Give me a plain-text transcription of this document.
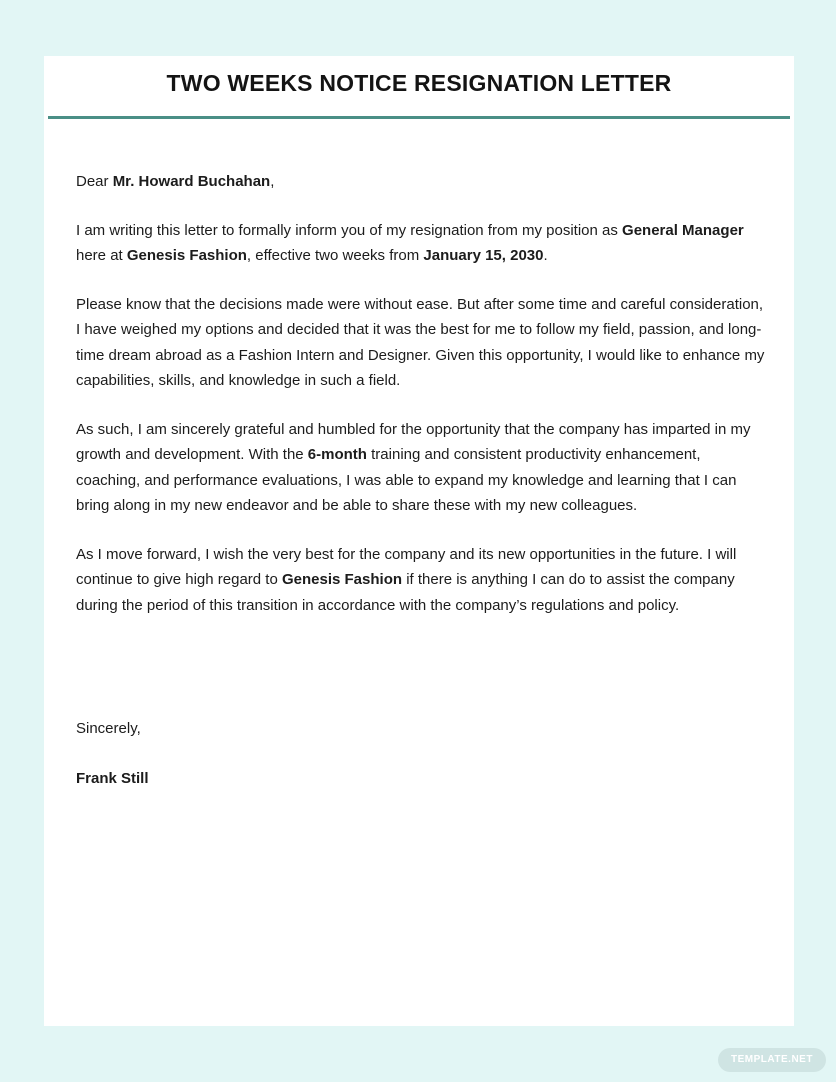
TWO WEEKS NOTICE RESIGNATION LETTER

Dear Mr. Howard Buchahan,

I am writing this letter to formally inform you of my resignation from my position as General Manager here at Genesis Fashion, effective two weeks from January 15, 2030.

Please know that the decisions made were without ease. But after some time and careful consideration, I have weighed my options and decided that it was the best for me to follow my field, passion, and long-time dream abroad as a Fashion Intern and Designer. Given this opportunity, I would like to enhance my capabilities, skills, and knowledge in such a field.

As such, I am sincerely grateful and humbled for the opportunity that the company has imparted in my growth and development. With the 6-month training and consistent productivity enhancement, coaching, and performance evaluations, I was able to expand my knowledge and learning that I can bring along in my new endeavor and be able to share these with my new colleagues.

As I move forward, I wish the very best for the company and its new opportunities in the future. I will continue to give high regard to Genesis Fashion if there is anything I can do to assist the company during the period of this transition in accordance with the company’s regulations and policy.

Sincerely,
Frank Still
TEMPLATE.NET
